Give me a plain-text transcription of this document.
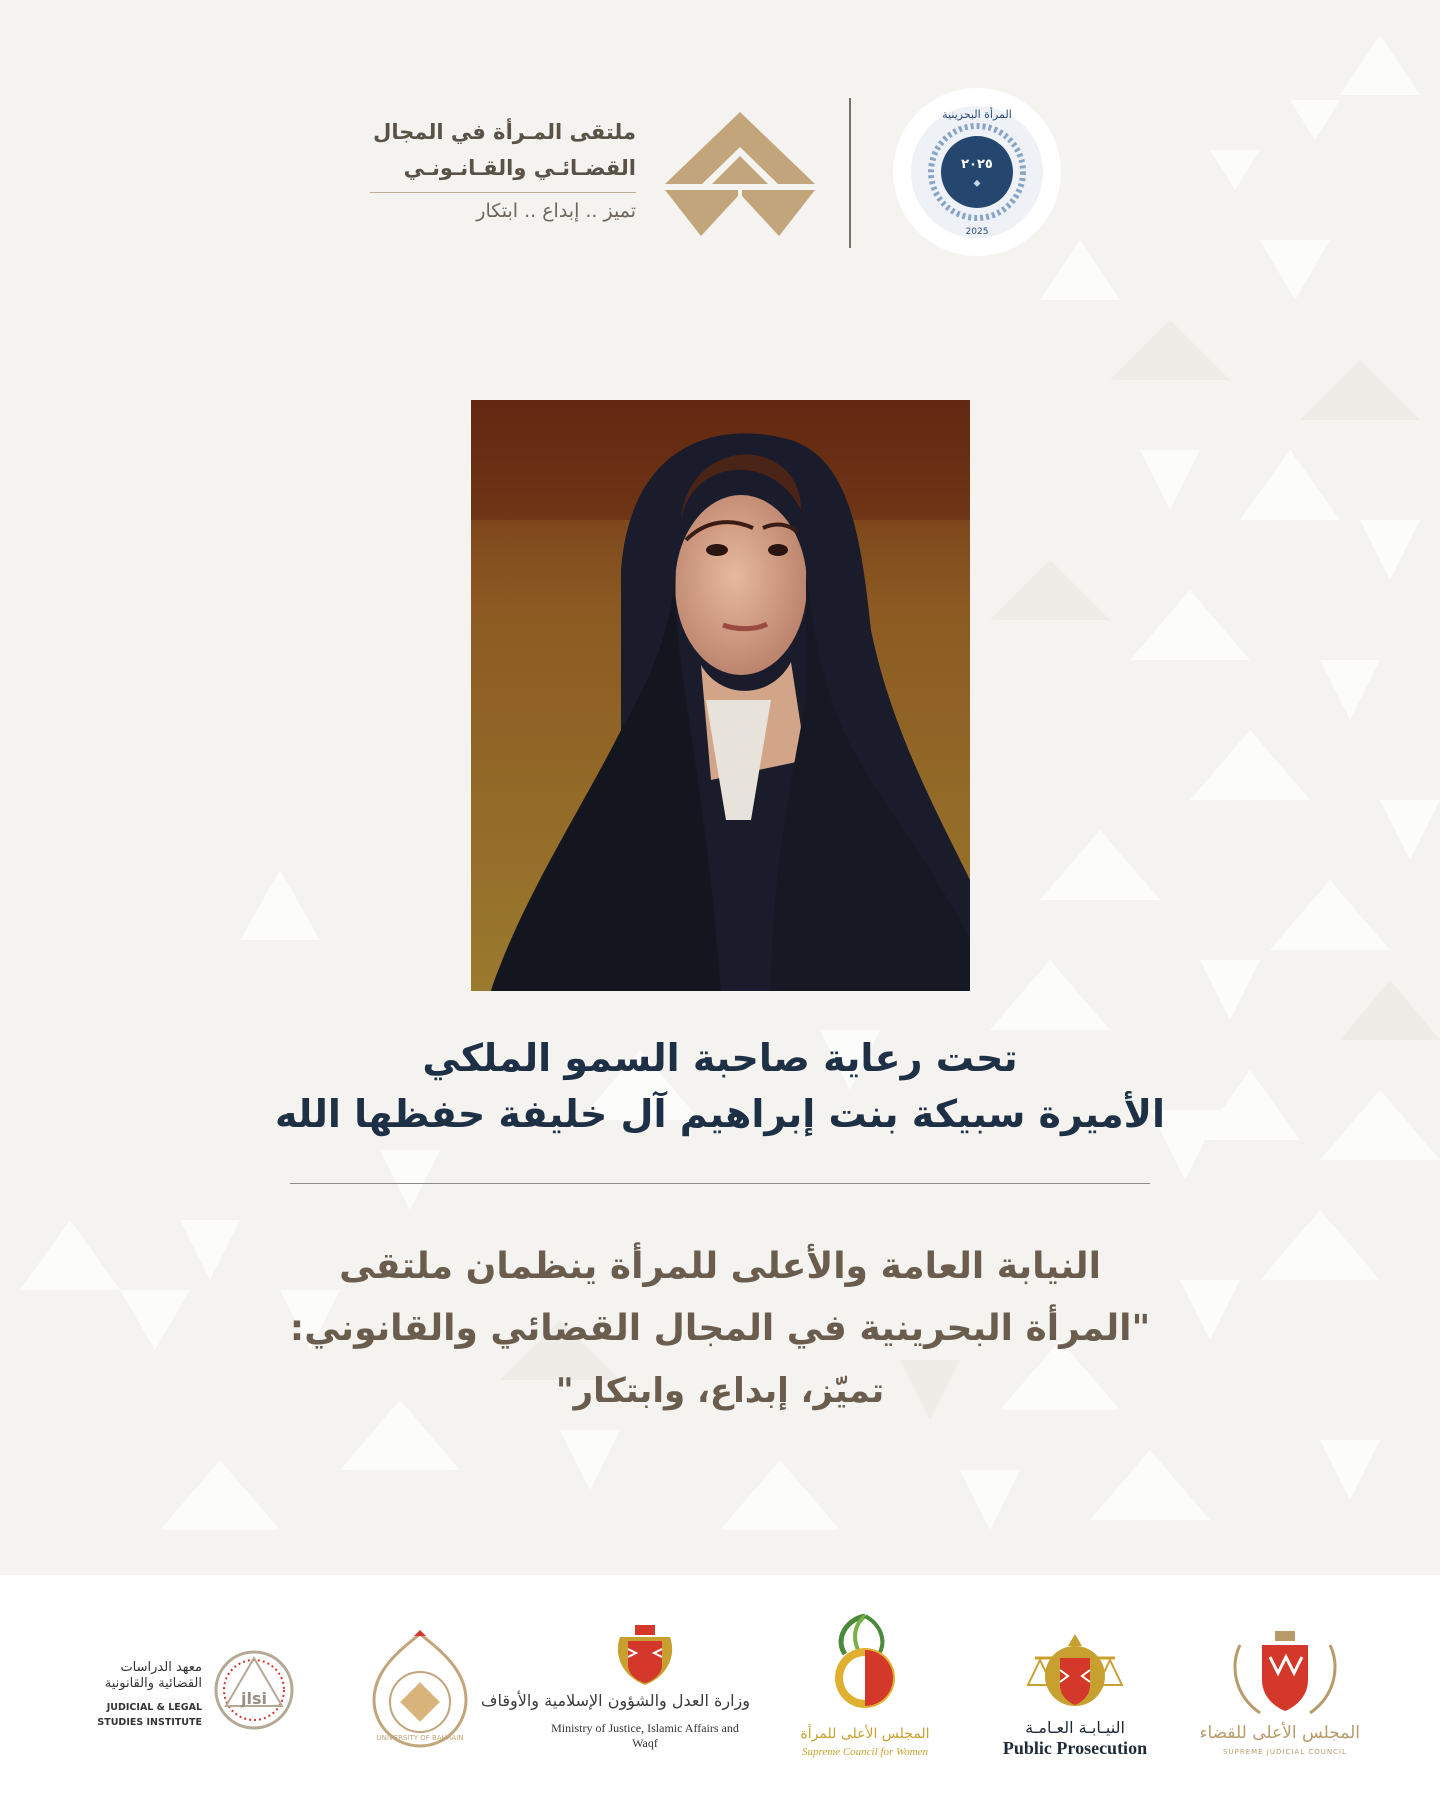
ملتقى المـرأة في المجال
القضـائـي والقـانـونـي
تميز .. إبداع .. ابتكار
٢٠٢٥
⬥
المرأة البحرينية
2025
تحت رعاية صاحبة السمو الملكي
الأميرة سبيكة بنت إبراهيم آل خليفة حفظها الله
النيابة العامة والأعلى للمرأة ينظمان ملتقى
"المرأة البحرينية في المجال القضائي والقانوني:
تميّز، إبداع، وابتكار"
المجلس الأعلى للقضاء
SUPREME JUDICIAL COUNCIL
النيـابـة العـامـة
Public Prosecution
المجلس الأعلى للمرأة
Supreme Council for Women
وزارة العدل والشؤون الإسلامية والأوقاف
Ministry of Justice, Islamic Affairs and Waqf
UNIVERSITY OF BAHRAIN
معهد الدراسات القضائية والقانونية
JUDICIAL & LEGAL STUDIES INSTITUTE
jlsi
